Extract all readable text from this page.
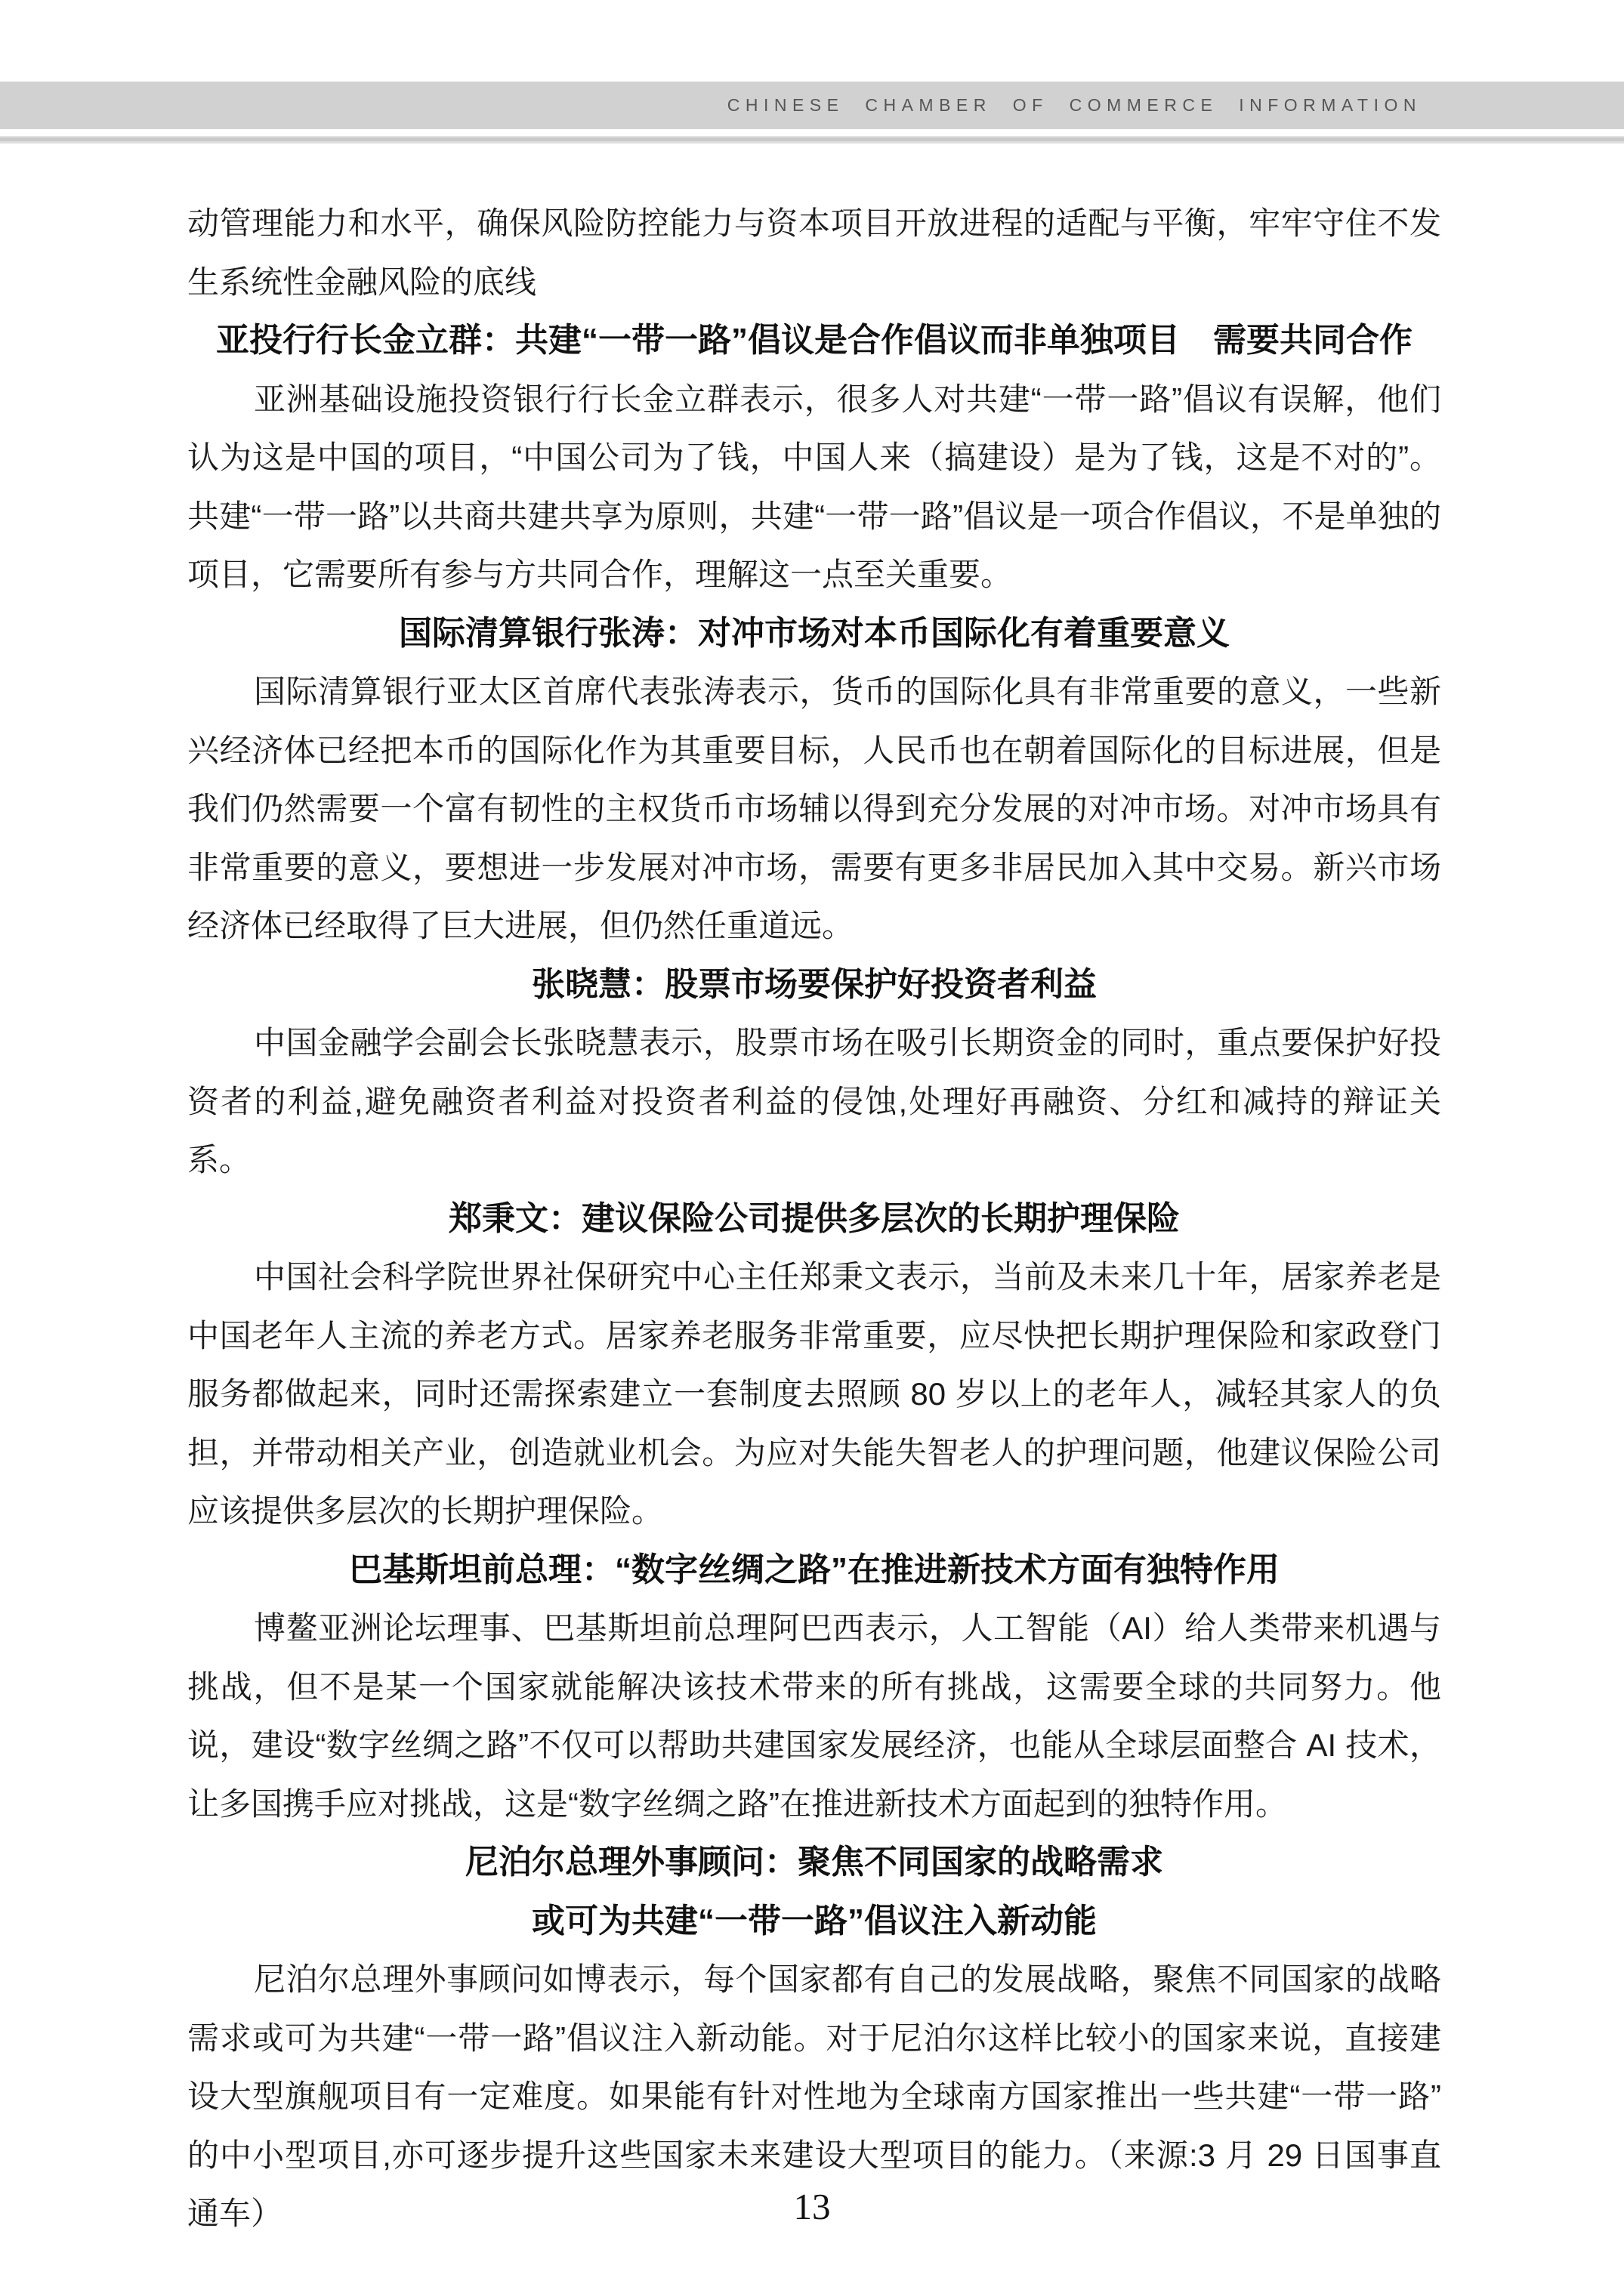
CHINESE CHAMBER OF COMMERCE INFORMATION

动管理能力和水平，确保风险防控能力与资本项目开放进程的适配与平衡，牢牢守住不发生系统性金融风险的底线

亚投行行长金立群：共建“一带一路”倡议是合作倡议而非单独项目　需要共同合作

亚洲基础设施投资银行行长金立群表示，很多人对共建“一带一路”倡议有误解，他们认为这是中国的项目，“中国公司为了钱，中国人来（搞建设）是为了钱，这是不对的”。共建“一带一路”以共商共建共享为原则，共建“一带一路”倡议是一项合作倡议，不是单独的项目，它需要所有参与方共同合作，理解这一点至关重要。

国际清算银行张涛：对冲市场对本币国际化有着重要意义

国际清算银行亚太区首席代表张涛表示，货币的国际化具有非常重要的意义，一些新兴经济体已经把本币的国际化作为其重要目标，人民币也在朝着国际化的目标进展，但是我们仍然需要一个富有韧性的主权货币市场辅以得到充分发展的对冲市场。对冲市场具有非常重要的意义，要想进一步发展对冲市场，需要有更多非居民加入其中交易。新兴市场经济体已经取得了巨大进展，但仍然任重道远。

张晓慧：股票市场要保护好投资者利益

中国金融学会副会长张晓慧表示，股票市场在吸引长期资金的同时，重点要保护好投资者的利益,避免融资者利益对投资者利益的侵蚀,处理好再融资、分红和减持的辩证关系。

郑秉文：建议保险公司提供多层次的长期护理保险

中国社会科学院世界社保研究中心主任郑秉文表示，当前及未来几十年，居家养老是中国老年人主流的养老方式。居家养老服务非常重要，应尽快把长期护理保险和家政登门服务都做起来，同时还需探索建立一套制度去照顾 80 岁以上的老年人，减轻其家人的负担，并带动相关产业，创造就业机会。为应对失能失智老人的护理问题，他建议保险公司应该提供多层次的长期护理保险。

巴基斯坦前总理：“数字丝绸之路”在推进新技术方面有独特作用

博鳌亚洲论坛理事、巴基斯坦前总理阿巴西表示，人工智能（AI）给人类带来机遇与挑战，但不是某一个国家就能解决该技术带来的所有挑战，这需要全球的共同努力。他说，建设“数字丝绸之路”不仅可以帮助共建国家发展经济，也能从全球层面整合 AI 技术，让多国携手应对挑战，这是“数字丝绸之路”在推进新技术方面起到的独特作用。

尼泊尔总理外事顾问：聚焦不同国家的战略需求
或可为共建“一带一路”倡议注入新动能

尼泊尔总理外事顾问如博表示，每个国家都有自己的发展战略，聚焦不同国家的战略需求或可为共建“一带一路”倡议注入新动能。对于尼泊尔这样比较小的国家来说，直接建设大型旗舰项目有一定难度。如果能有针对性地为全球南方国家推出一些共建“一带一路”的中小型项目,亦可逐步提升这些国家未来建设大型项目的能力。（来源:3 月 29 日国事直通车）	13
